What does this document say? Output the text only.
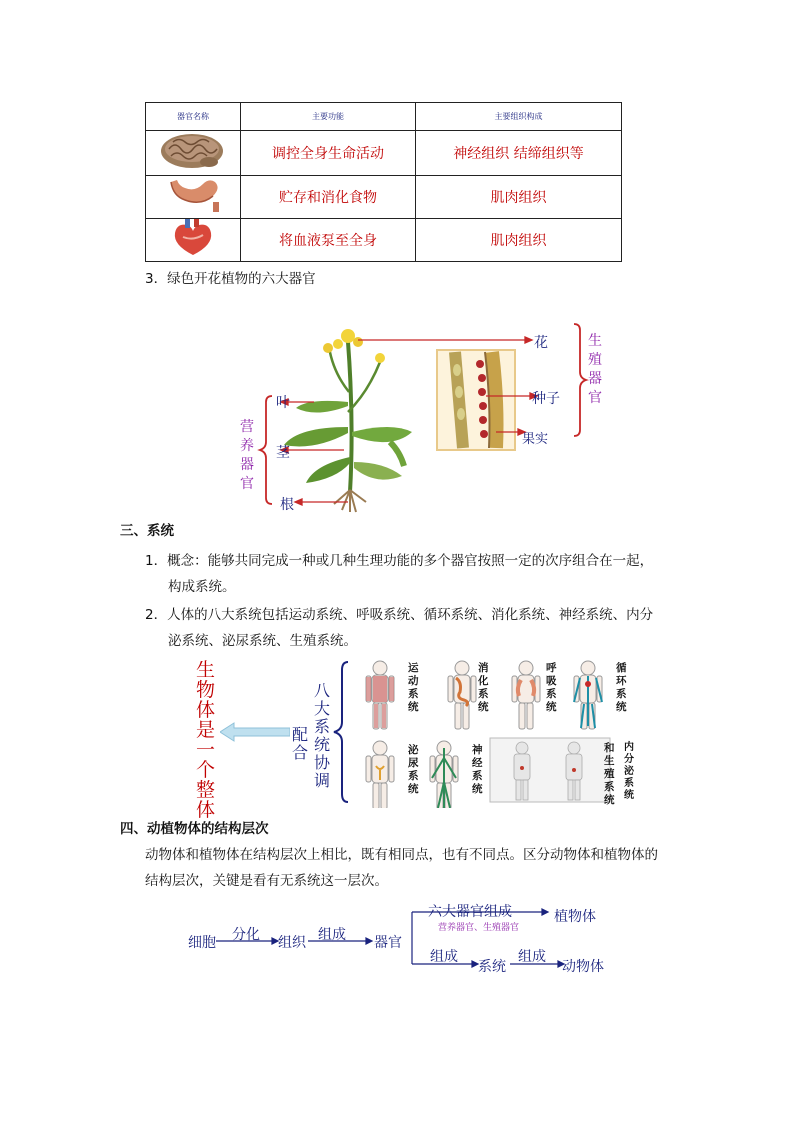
器官名称	主要功能	主要组织构成
	调控全身生命活动	神经组织 结缔组织等
	贮存和消化食物	肌肉组织
	将血液泵至全身	肌肉组织
3．绿色开花植物的六大器官
花
种子
果实
叶
茎
根
生殖器官
营养器官
三、系统
1．概念：能够共同完成一种或几种生理功能的多个器官按照一定的次序组合在一起，
构成系统。
2．人体的八大系统包括运动系统、呼吸系统、循环系统、消化系统、神经系统、内分
泌系统、泌尿系统、生殖系统。
生物体是一个整体
配合
八大系统协调
运动系统
消化系统
呼吸系统
循环系统
泌尿系统
神经系统
和生殖系统
内分泌系统
四、动植物体的结构层次
动物体和植物体在结构层次上相比，既有相同点，也有不同点。区分动物体和植物体的
结构层次，关键是看有无系统这一层次。
细胞 分化 组织 组成 器官
六大器官组成
营养器官、生殖器官
植物体
组成
系统
组成
动物体
